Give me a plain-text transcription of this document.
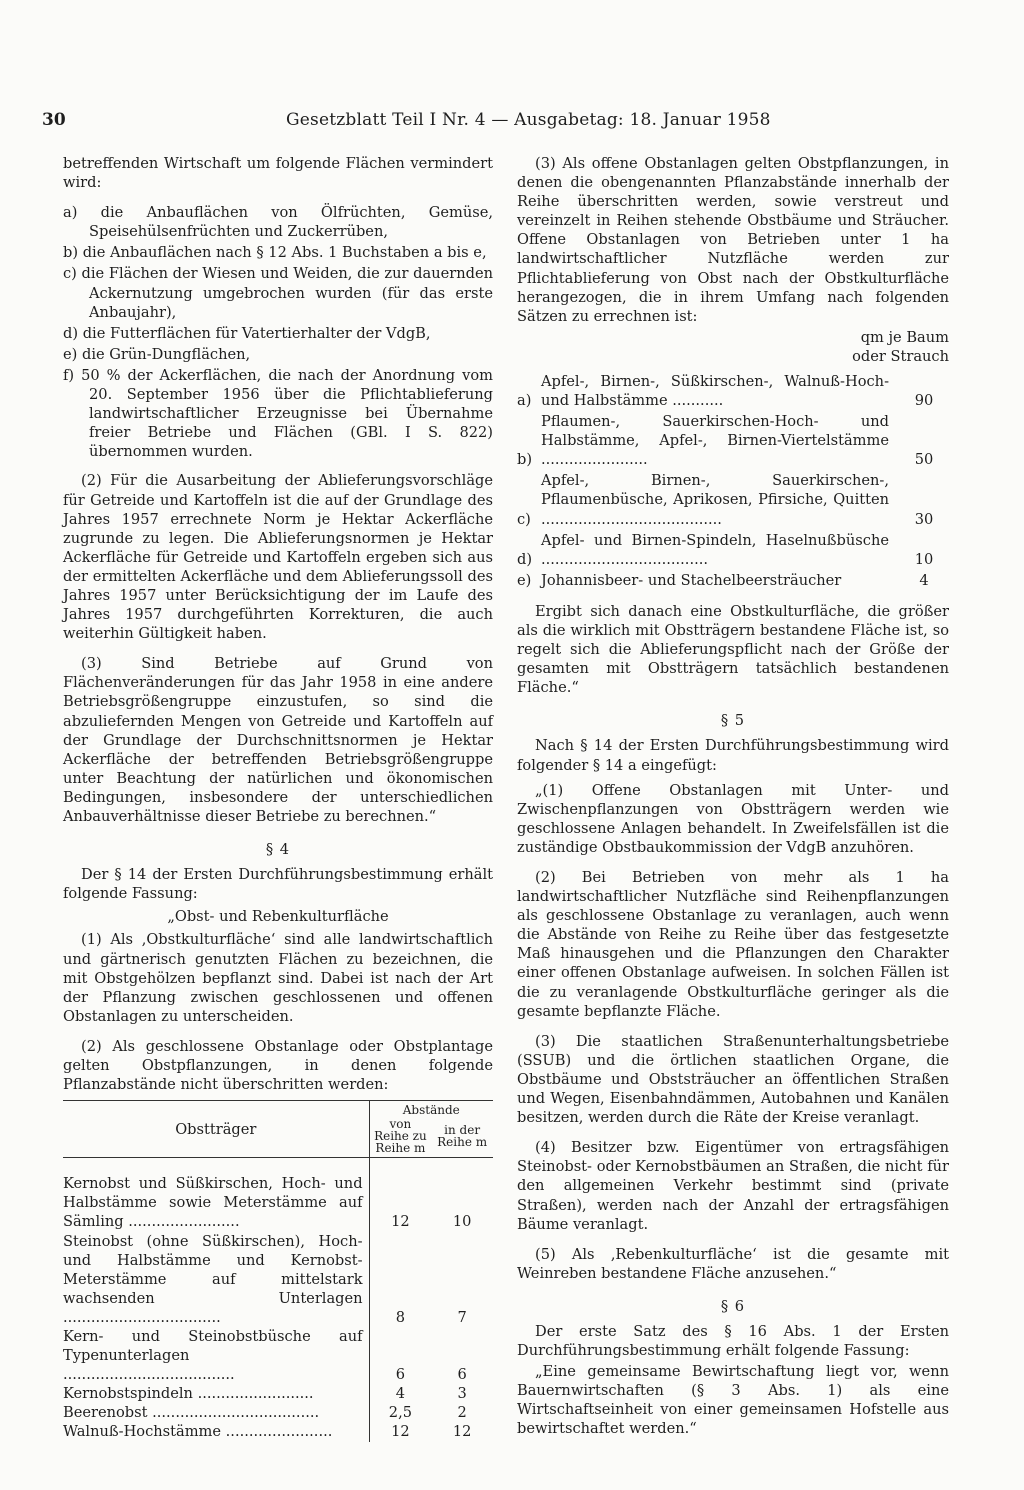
30	Gesetzblatt Teil I Nr. 4 — Ausgabetag: 18. Januar 1958

betreffenden Wirtschaft um folgende Flächen vermindert wird:

a) die Anbauflächen von Ölfrüchten, Gemüse, Speisehülsenfrüchten und Zuckerrüben,
b) die Anbauflächen nach § 12 Abs. 1 Buchstaben a bis e,
c) die Flächen der Wiesen und Weiden, die zur dauernden Ackernutzung umgebrochen wurden (für das erste Anbaujahr),
d) die Futterflächen für Vatertierhalter der VdgB,
e) die Grün-Dungflächen,
f) 50 % der Ackerflächen, die nach der Anordnung vom 20. September 1956 über die Pflichtablieferung landwirtschaftlicher Erzeugnisse bei Übernahme freier Betriebe und Flächen (GBl. I S. 822) übernommen wurden.

(2) Für die Ausarbeitung der Ablieferungsvorschläge für Getreide und Kartoffeln ist die auf der Grundlage des Jahres 1957 errechnete Norm je Hektar Ackerfläche zugrunde zu legen. Die Ablieferungsnormen je Hektar Ackerfläche für Getreide und Kartoffeln ergeben sich aus der ermittelten Ackerfläche und dem Ablieferungssoll des Jahres 1957 unter Berücksichtigung der im Laufe des Jahres 1957 durchgeführten Korrekturen, die auch weiterhin Gültigkeit haben.

(3) Sind Betriebe auf Grund von Flächenveränderungen für das Jahr 1958 in eine andere Betriebsgrößengruppe einzustufen, so sind die abzuliefernden Mengen von Getreide und Kartoffeln auf der Grundlage der Durchschnittsnormen je Hektar Ackerfläche der betreffenden Betriebsgrößengruppe unter Beachtung der natürlichen und ökonomischen Bedingungen, insbesondere der unterschiedlichen Anbauverhältnisse dieser Betriebe zu berechnen.“

§ 4

Der § 14 der Ersten Durchführungsbestimmung erhält folgende Fassung:

„Obst- und Rebenkulturfläche

(1) Als ‚Obstkulturfläche‘ sind alle landwirtschaftlich und gärtnerisch genutzten Flächen zu bezeichnen, die mit Obstgehölzen bepflanzt sind. Dabei ist nach der Art der Pflanzung zwischen geschlossenen und offenen Obstanlagen zu unterscheiden.

(2) Als geschlossene Obstanlage oder Obstplantage gelten Obstpflanzungen, in denen folgende Pflanzabstände nicht überschritten werden:

Obstträger	Abstände	
	von Reihe zu Reihe m	in der Reihe m
Kernobst und Süßkirschen, Hoch- und Halbstämme sowie Meterstämme auf Sämling ........................	12	10
Steinobst (ohne Süßkirschen), Hoch- und Halbstämme und Kernobst-Meterstämme auf mittelstark wachsenden Unterlagen ..................................	8	7
Kern- und Steinobstbüsche auf Typenunterlagen .....................................	6	6
Kernobstspindeln .........................	4	3
Beerenobst ....................................	2,5	2
Walnuß-Hochstämme .......................	12	12

(3) Als offene Obstanlagen gelten Obstpflanzungen, in denen die obengenannten Pflanzabstände innerhalb der Reihe überschritten werden, sowie verstreut und vereinzelt in Reihen stehende Obstbäume und Sträucher. Offene Obstanlagen von Betrieben unter 1 ha landwirtschaftlicher Nutzfläche werden zur Pflichtablieferung von Obst nach der Obstkulturfläche herangezogen, die in ihrem Umfang nach folgenden Sätzen zu errechnen ist:

qm je Baum
oder Strauch
a)
Apfel-, Birnen-, Süßkirschen-, Walnuß-Hoch- und Halbstämme ...........	90
b)
Pflaumen-, Sauerkirschen-Hoch- und Halbstämme, Apfel-, Birnen-Viertelstämme .......................	50
c)
Apfel-, Birnen-, Sauerkirschen-, Pflaumenbüsche, Aprikosen, Pfirsiche, Quitten .......................................	30
d)
Apfel- und Birnen-Spindeln, Haselnußbüsche ....................................	10
e) Johannisbeer- und Stachelbeersträucher	4

Ergibt sich danach eine Obstkulturfläche, die größer als die wirklich mit Obstträgern bestandene Fläche ist, so regelt sich die Ablieferungspflicht nach der Größe der gesamten mit Obstträgern tatsächlich bestandenen Fläche.“

§ 5

Nach § 14 der Ersten Durchführungsbestimmung wird folgender § 14 a eingefügt:

„(1) Offene Obstanlagen mit Unter- und Zwischenpflanzungen von Obstträgern werden wie geschlossene Anlagen behandelt. In Zweifelsfällen ist die zuständige Obstbaukommission der VdgB anzuhören.

(2) Bei Betrieben von mehr als 1 ha landwirtschaftlicher Nutzfläche sind Reihenpflanzungen als geschlossene Obstanlage zu veranlagen, auch wenn die Abstände von Reihe zu Reihe über das festgesetzte Maß hinausgehen und die Pflanzungen den Charakter einer offenen Obstanlage aufweisen. In solchen Fällen ist die zu veranlagende Obstkulturfläche geringer als die gesamte bepflanzte Fläche.

(3) Die staatlichen Straßenunterhaltungsbetriebe (SSUB) und die örtlichen staatlichen Organe, die Obstbäume und Obststräucher an öffentlichen Straßen und Wegen, Eisenbahndämmen, Autobahnen und Kanälen besitzen, werden durch die Räte der Kreise veranlagt.

(4) Besitzer bzw. Eigentümer von ertragsfähigen Steinobst- oder Kernobstbäumen an Straßen, die nicht für den allgemeinen Verkehr bestimmt sind (private Straßen), werden nach der Anzahl der ertragsfähigen Bäume veranlagt.

(5) Als ‚Rebenkulturfläche‘ ist die gesamte mit Weinreben bestandene Fläche anzusehen.“

§ 6

Der erste Satz des § 16 Abs. 1 der Ersten Durchführungsbestimmung erhält folgende Fassung:

„Eine gemeinsame Bewirtschaftung liegt vor, wenn Bauernwirtschaften (§ 3 Abs. 1) als eine Wirtschaftseinheit von einer gemeinsamen Hofstelle aus bewirtschaftet werden.“
